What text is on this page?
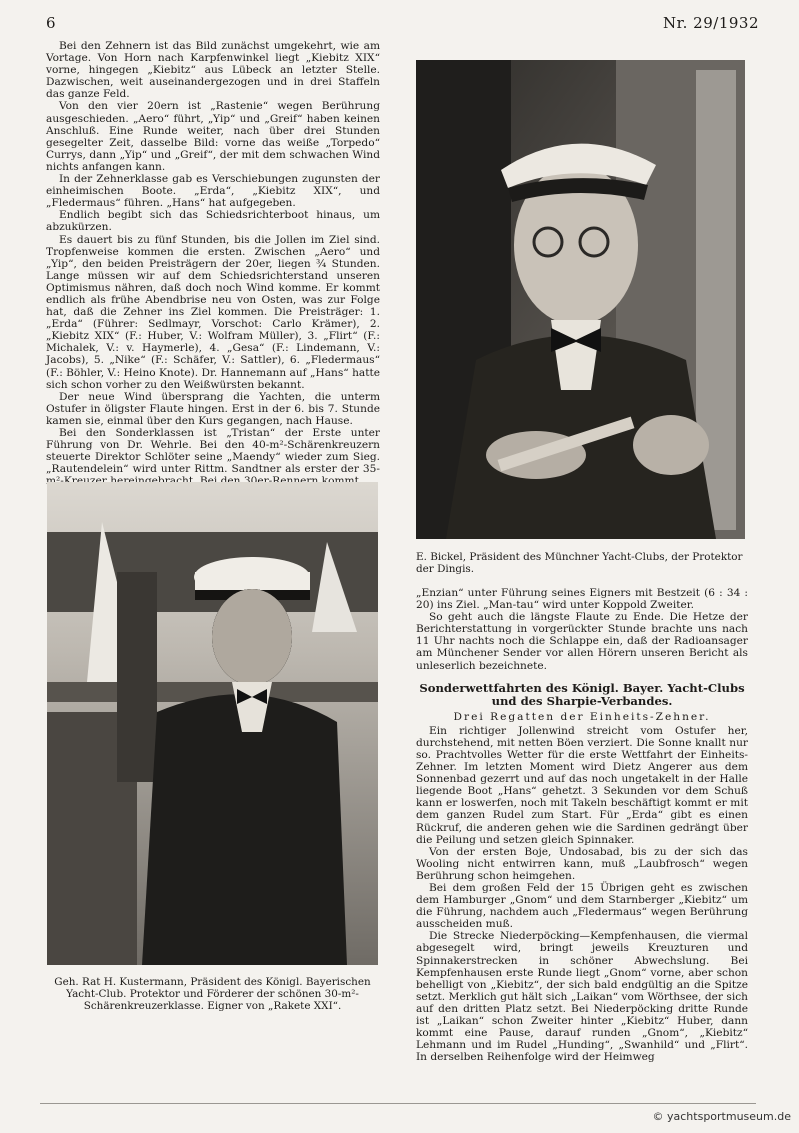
6	Nr. 29/1932

Bei den Zehnern ist das Bild zunächst umgekehrt, wie am Vortage. Von Horn nach Karpfenwinkel liegt „Kiebitz XIX“ vorne, hingegen „Kiebitz“ aus Lübeck an letzter Stelle. Dazwischen, weit auseinandergezogen und in drei Staffeln das ganze Feld.

Von den vier 20ern ist „Rastenie“ wegen Berührung ausgeschieden. „Aero“ führt, „Yip“ und „Greif“ haben keinen Anschluß. Eine Runde weiter, nach über drei Stunden gesegelter Zeit, dasselbe Bild: vorne das weiße „Torpedo“ Currys, dann „Yip“ und „Greif“, der mit dem schwachen Wind nichts anfangen kann.

In der Zehnerklasse gab es Verschiebungen zugunsten der einheimischen Boote. „Erda“, „Kiebitz XIX“, und „Fledermaus“ führen. „Hans“ hat aufgegeben.

Endlich begibt sich das Schiedsrichterboot hinaus, um abzukürzen.

Es dauert bis zu fünf Stunden, bis die Jollen im Ziel sind. Tropfenweise kommen die ersten. Zwischen „Aero“ und „Yip“, den beiden Preisträgern der 20er, liegen ¾ Stunden. Lange müssen wir auf dem Schiedsrichterstand unseren Optimismus nähren, daß doch noch Wind komme. Er kommt endlich als frühe Abendbrise neu von Osten, was zur Folge hat, daß die Zehner ins Ziel kommen. Die Preisträger: 1. „Erda“ (Führer: Sedlmayr, Vorschot: Carlo Krämer), 2. „Kiebitz XIX“ (F.: Huber, V.: Wolfram Müller), 3. „Flirt“ (F.: Michalek, V.: v. Haymerle), 4. „Gesa“ (F.: Lindemann, V.: Jacobs), 5. „Nike“ (F.: Schäfer, V.: Sattler), 6. „Fledermaus“ (F.: Böhler, V.: Heino Knote). Dr. Hannemann auf „Hans“ hatte sich schon vorher zu den Weißwürsten bekannt.

Der neue Wind übersprang die Yachten, die unterm Ostufer in öligster Flaute hingen. Erst in der 6. bis 7. Stunde kamen sie, einmal über den Kurs gegangen, nach Hause.

Bei den Sonderklassen ist „Tristan“ der Erste unter Führung von Dr. Wehrle. Bei den 40-m²-Schärenkreuzern steuerte Direktor Schlöter seine „Maendy“ wieder zum Sieg. „Rautendelein“ wird unter Rittm. Sandtner als erster der 35-

E. Bickel, Präsident des Münchner Yacht-Clubs, der Protektor der Dingis.

„Enzian“ unter Führung seines Eigners mit Bestzeit (6 : 34 : 20) ins Ziel. „Man-tau“ wird unter Koppold Zweiter.

So geht auch die längste Flaute zu Ende. Die Hetze der Berichterstattung in vorgerückter Stunde brachte uns nach 11 Uhr nachts noch die Schlappe ein, daß der Radioansager am Münchener Sender vor allen Hörern unseren Bericht als unleserlich bezeichnete.

Sonderwettfahrten des Königl. Bayer. Yacht-Clubs
und des Sharpie-Verbandes.
Drei Regatten der Einheits-Zehner.

Ein richtiger Jollenwind streicht vom Ostufer her, durchstehend, mit netten Böen verziert. Die Sonne knallt nur so. Prachtvolles Wetter für die erste Wettfahrt der Einheits-Zehner. Im letzten Moment wird Dietz Angerer aus dem Sonnenbad gezerrt und auf das noch ungetakelt in der Halle liegende Boot „Hans“ gehetzt. 3 Sekunden vor dem Schuß kann er loswerfen, noch mit Takeln beschäftigt kommt er mit dem ganzen Rudel zum Start. Für „Erda“ gibt es einen Rückruf, die anderen gehen wie die Sardinen gedrängt über die Peilung und setzen gleich Spinnaker.

Von der ersten Boje, Undosabad, bis zu der sich das Wooling nicht entwirren kann, muß „Laubfrosch“ wegen Berührung schon heimgehen.

Bei dem großen Feld der 15 Übrigen geht es zwischen dem Hamburger „Gnom“ und dem Starnberger „Kiebitz“ um die Führung, nachdem auch „Fledermaus“ wegen Berührung ausscheiden muß.

Die Strecke Niederpöcking—Kempfenhausen, die viermal abgesegelt wird, bringt jeweils Kreuzturen und Spinnakerstrecken in schöner Abwechslung. Bei Kempfenhausen erste Runde liegt „Gnom“ vorne, aber schon behelligt von „Kiebitz“, der sich bald endgültig an die Spitze setzt. Merklich gut hält sich „Laikan“ vom Wörthsee, der sich auf den dritten Platz setzt. Bei Niederpöcking dritte Runde ist „Laikan“ schon Zweiter hinter „Kiebitz“ Huber, dann kommt eine Pause, darauf runden „Gnom“, „Kiebitz“ Lehmann und im Rudel „Hunding“, „Swanhild“ und „Flirt“. In derselben Reihenfolge wird der Heimweg

Geh. Rat H. Kustermann, Präsident des Königl. Bayerischen Yacht-Club. Protektor und Förderer der schönen 30-m²-Schärenkreuzerklasse. Eigner von „Rakete XXI“.
© yachtsportmuseum.de
